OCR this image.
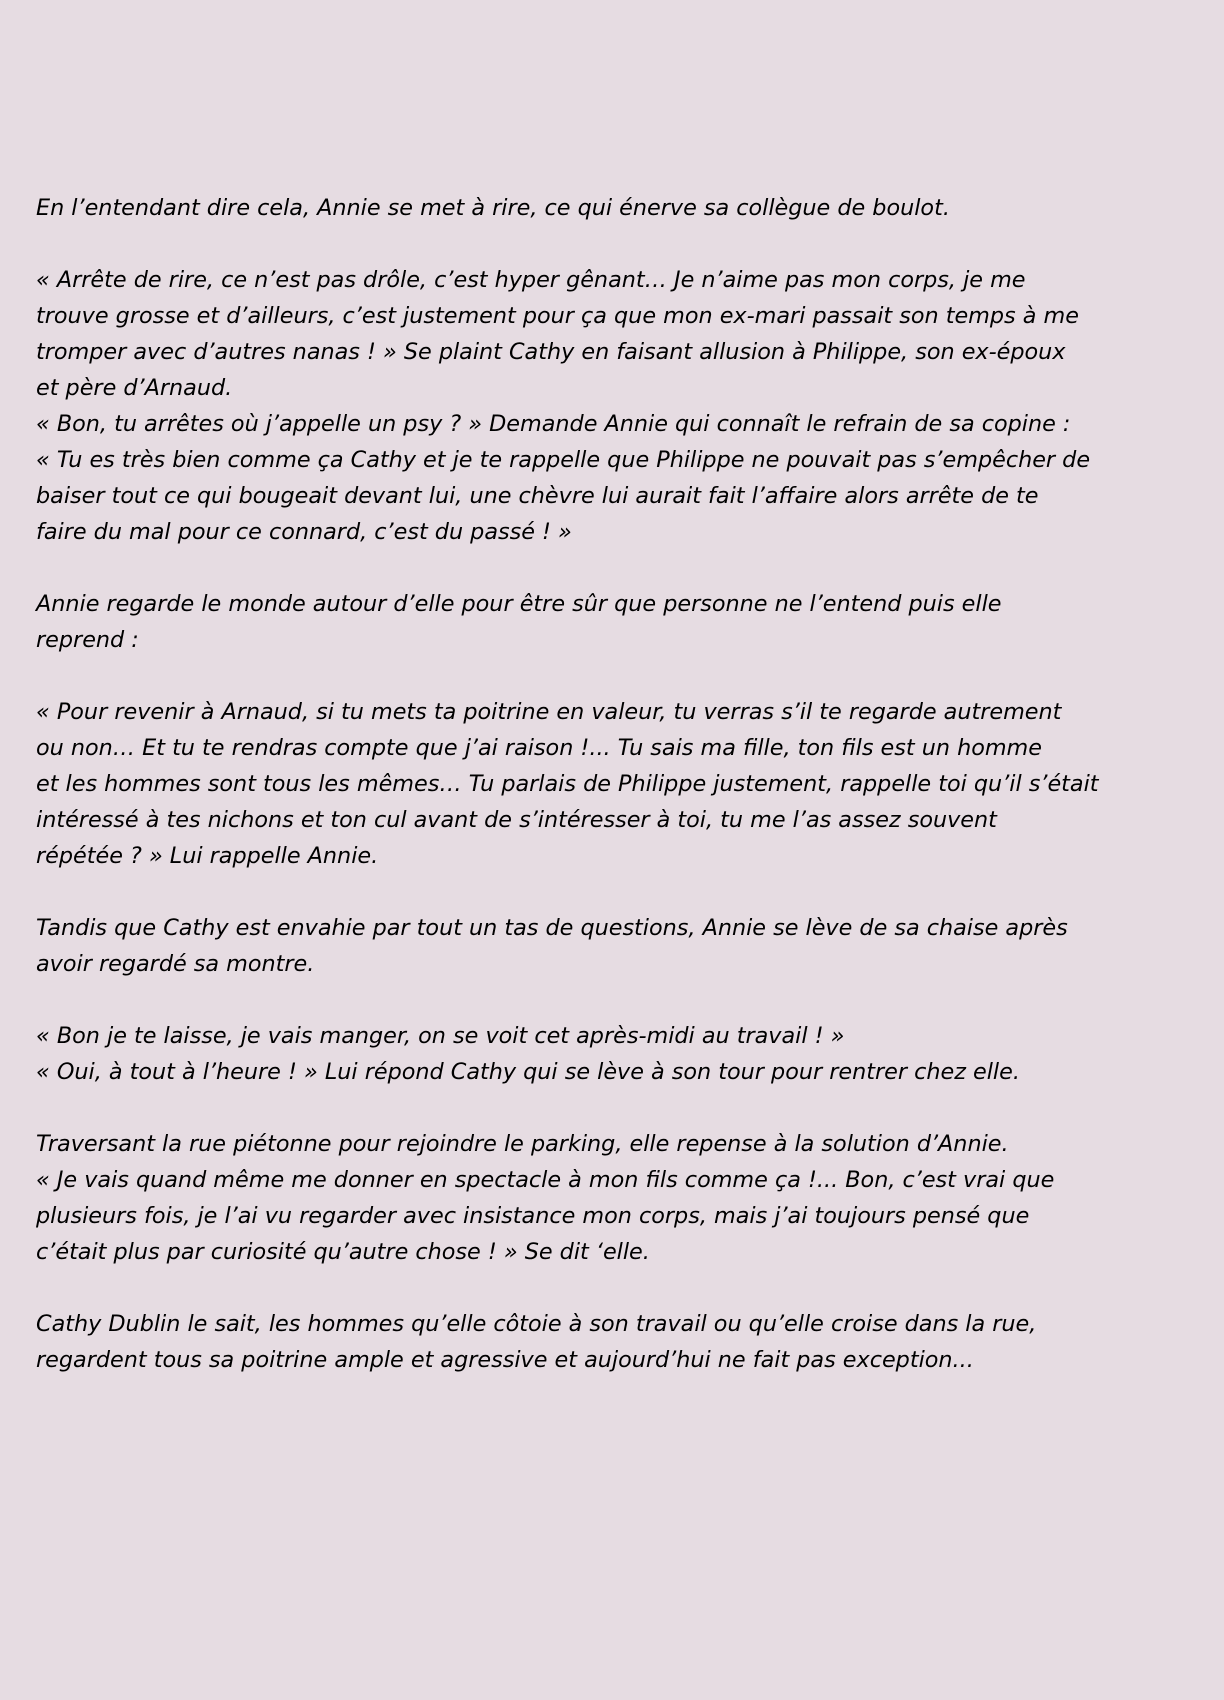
En l’entendant dire cela, Annie se met à rire, ce qui énerve sa collègue de boulot.

« Arrête de rire, ce n’est pas drôle, c’est hyper gênant… Je n’aime pas mon corps, je me

trouve grosse et d’ailleurs, c’est justement pour ça que mon ex-mari passait son temps à me

tromper avec d’autres nanas ! » Se plaint Cathy en faisant allusion à Philippe, son ex-époux

et père d’Arnaud.

« Bon, tu arrêtes où j’appelle un psy ? » Demande Annie qui connaît le refrain de sa copine :

« Tu es très bien comme ça Cathy et je te rappelle que Philippe ne pouvait pas s’empêcher de

baiser tout ce qui bougeait devant lui, une chèvre lui aurait fait l’affaire alors arrête de te

faire du mal pour ce connard, c’est du passé ! »

Annie regarde le monde autour d’elle pour être sûr que personne ne l’entend puis elle

reprend :

« Pour revenir à Arnaud, si tu mets ta poitrine en valeur, tu verras s’il te regarde autrement

ou non… Et tu te rendras compte que j’ai raison !... Tu sais ma fille, ton fils est un homme

et les hommes sont tous les mêmes… Tu parlais de Philippe justement, rappelle toi qu’il s’était

intéressé à tes nichons et ton cul avant de s’intéresser à toi, tu me l’as assez souvent

répétée ? » Lui rappelle Annie.

Tandis que Cathy est envahie par tout un tas de questions, Annie se lève de sa chaise après

avoir regardé sa montre.

« Bon je te laisse, je vais manger, on se voit cet après-midi au travail ! »

« Oui, à tout à l’heure ! » Lui répond Cathy qui se lève à son tour pour rentrer chez elle.

Traversant la rue piétonne pour rejoindre le parking, elle repense à la solution d’Annie.

« Je vais quand même me donner en spectacle à mon fils comme ça !... Bon, c’est vrai que

plusieurs fois, je l’ai vu regarder avec insistance mon corps, mais j’ai toujours pensé que

c’était plus par curiosité qu’autre chose ! » Se dit ‘elle.

Cathy Dublin le sait, les hommes qu’elle côtoie à son travail ou qu’elle croise dans la rue,

regardent tous sa poitrine ample et agressive et aujourd’hui ne fait pas exception...
